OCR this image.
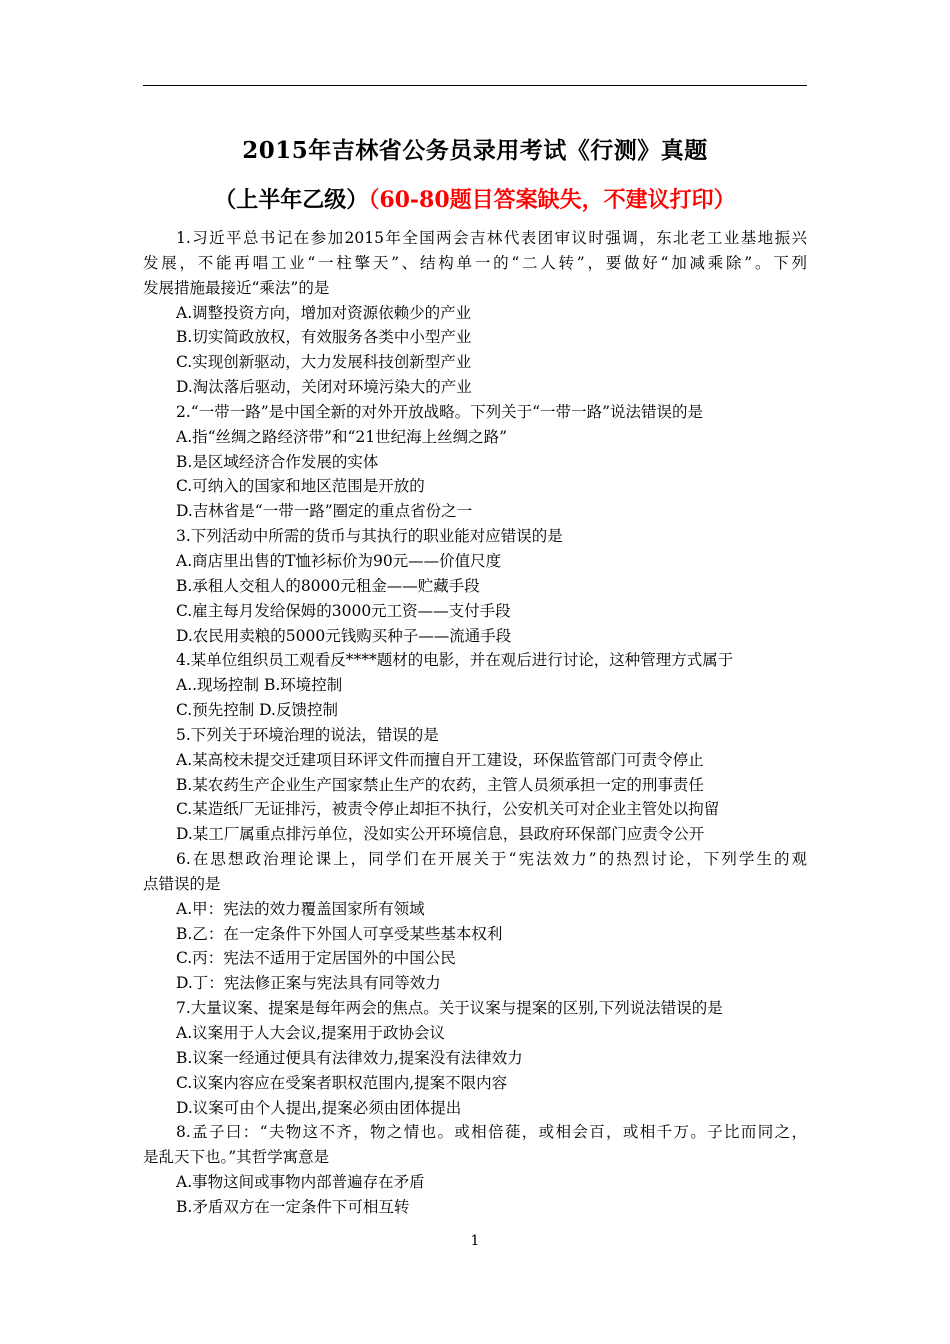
2015年吉林省公务员录用考试《行测》真题
（上半年乙级）（60-80题目答案缺失，不建议打印）
1.习近平总书记在参加2015年全国两会吉林代表团审议时强调，东北老工业基地振兴
发展，不能再唱工业“一柱擎天”、结构单一的“二人转”，要做好“加减乘除”。下列
发展措施最接近“乘法”的是
A.调整投资方向，增加对资源依赖少的产业
B.切实简政放权，有效服务各类中小型产业
C.实现创新驱动，大力发展科技创新型产业
D.淘汰落后驱动，关闭对环境污染大的产业
2.“一带一路”是中国全新的对外开放战略。下列关于“一带一路”说法错误的是
A.指“丝绸之路经济带”和“21世纪海上丝绸之路”
B.是区域经济合作发展的实体
C.可纳入的国家和地区范围是开放的
D.吉林省是“一带一路”圈定的重点省份之一
3.下列活动中所需的货币与其执行的职业能对应错误的是
A.商店里出售的T恤衫标价为90元——价值尺度
B.承租人交租人的8000元租金——贮藏手段
C.雇主每月发给保姆的3000元工资——支付手段
D.农民用卖粮的5000元钱购买种子——流通手段
4.某单位组织员工观看反****题材的电影，并在观后进行讨论，这种管理方式属于
A..现场控制 B.环境控制
C.预先控制 D.反馈控制
5.下列关于环境治理的说法，错误的是
A.某高校未提交迁建项目环评文件而擅自开工建设，环保监管部门可责令停止
B.某农药生产企业生产国家禁止生产的农药，主管人员须承担一定的刑事责任
C.某造纸厂无证排污，被责令停止却拒不执行，公安机关可对企业主管处以拘留
D.某工厂属重点排污单位，没如实公开环境信息，县政府环保部门应责令公开
6.在思想政治理论课上，同学们在开展关于“宪法效力”的热烈讨论，下列学生的观
点错误的是
A.甲：宪法的效力覆盖国家所有领域
B.乙：在一定条件下外国人可享受某些基本权利
C.丙：宪法不适用于定居国外的中国公民
D.丁：宪法修正案与宪法具有同等效力
7.大量议案、提案是每年两会的焦点。关于议案与提案的区别,下列说法错误的是
A.议案用于人大会议,提案用于政协会议
B.议案一经通过便具有法律效力,提案没有法律效力
C.议案内容应在受案者职权范围内,提案不限内容
D.议案可由个人提出,提案必须由团体提出
8.孟子曰：“夫物这不齐，物之情也。或相倍蓰，或相会百，或相千万。子比而同之，
是乱天下也。”其哲学寓意是
A.事物这间或事物内部普遍存在矛盾
B.矛盾双方在一定条件下可相互转
1
